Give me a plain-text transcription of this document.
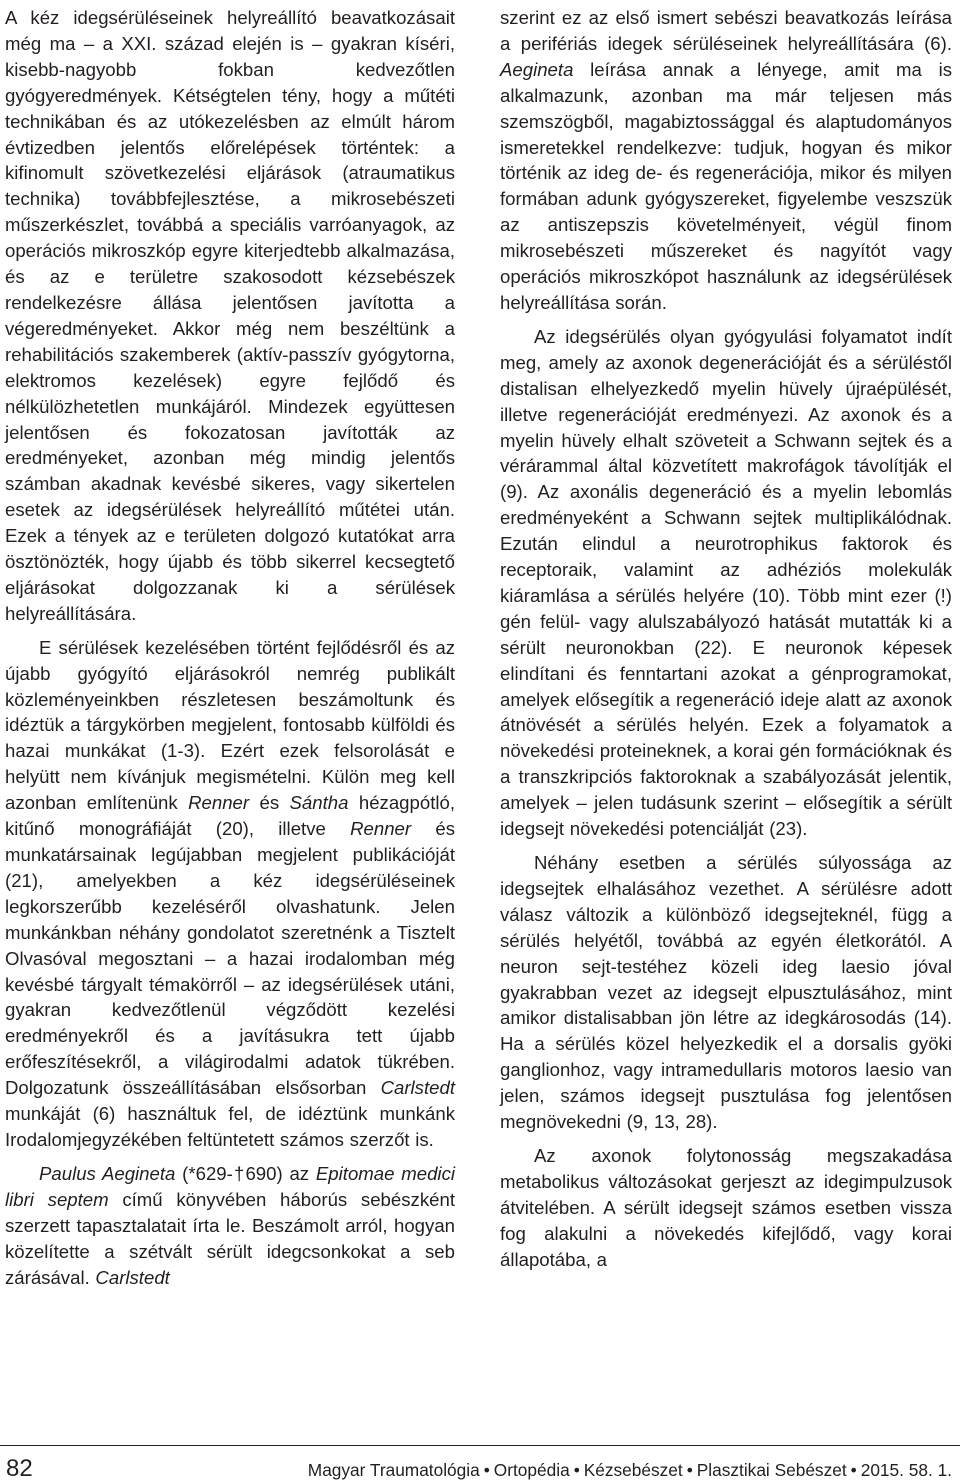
A kéz idegsérüléseinek helyreállító beavatkozásait még ma – a XXI. század elején is – gyakran kíséri, kisebb-nagyobb fokban kedvezőtlen gyógyeredmények. Kétségtelen tény, hogy a műtéti technikában és az utókezelésben az elmúlt három évtizedben jelentős előrelépések történtek: a kifinomult szövetkezelési eljárások (atraumatikus technika) továbbfejlesztése, a mikrosebészeti műszerkészlet, továbbá a speciális varróanyagok, az operációs mikroszkóp egyre kiterjedtebb alkalmazása, és az e területre szakosodott kézsebészek rendelkezésre állása jelentősen javította a végeredményeket. Akkor még nem beszéltünk a rehabilitációs szakemberek (aktív-passzív gyógytorna, elektromos kezelések) egyre fejlődő és nélkülözhetetlen munkájáról. Mindezek együttesen jelentősen és fokozatosan javították az eredményeket, azonban még mindig jelentős számban akadnak kevésbé sikeres, vagy sikertelen esetek az idegsérülések helyreállító műtétei után. Ezek a tények az e területen dolgozó kutatókat arra ösztönözték, hogy újabb és több sikerrel kecsegtető eljárásokat dolgozzanak ki a sérülések helyreállítására.

E sérülések kezelésében történt fejlődésről és az újabb gyógyító eljárásokról nemrég publikált közleményeinkben részletesen beszámoltunk és idéztük a tárgykörben megjelent, fontosabb külföldi és hazai munkákat (1-3). Ezért ezek felsorolását e helyütt nem kívánjuk megismételni. Külön meg kell azonban említenünk Renner és Sántha hézagpótló, kitűnő monográfiáját (20), illetve Renner és munkatársainak legújabban megjelent publikációját (21), amelyekben a kéz idegsérüléseinek legkorszerűbb kezeléséről olvashatunk. Jelen munkánkban néhány gondolatot szeretnénk a Tisztelt Olvasóval megosztani – a hazai irodalomban még kevésbé tárgyalt témakörről – az idegsérülések utáni, gyakran kedvezőtlenül végződött kezelési eredményekről és a javításukra tett újabb erőfeszítésekről, a világirodalmi adatok tükrében. Dolgozatunk összeállításában elsősorban Carlstedt munkáját (6) használtuk fel, de idéztünk munkánk Irodalomjegyzékében feltüntetett számos szerzőt is.

Paulus Aegineta (*629-†690) az Epitomae medici libri septem című könyvében háborús sebészként szerzett tapasztalatait írta le. Beszámolt arról, hogyan közelítette a szétvált sérült idegcsonkokat a seb zárásával. Carlstedt

szerint ez az első ismert sebészi beavatkozás leírása a perifériás idegek sérüléseinek helyreállítására (6). Aegineta leírása annak a lényege, amit ma is alkalmazunk, azonban ma már teljesen más szemszögből, magabiztossággal és alaptudományos ismeretekkel rendelkezve: tudjuk, hogyan és mikor történik az ideg de- és regenerációja, mikor és milyen formában adunk gyógyszereket, figyelembe veszszük az antiszepszis követelményeit, végül finom mikrosebészeti műszereket és nagyítót vagy operációs mikroszkópot használunk az idegsérülések helyreállítása során.

Az idegsérülés olyan gyógyulási folyamatot indít meg, amely az axonok degenerációját és a sérüléstől distalisan elhelyezkedő myelin hüvely újraépülését, illetve regenerációját eredményezi. Az axonok és a myelin hüvely elhalt szöveteit a Schwann sejtek és a vérárammal által közvetített makrofágok távolítják el (9). Az axonális degeneráció és a myelin lebomlás eredményeként a Schwann sejtek multiplikálódnak. Ezután elindul a neurotrophikus faktorok és receptoraik, valamint az adhéziós molekulák kiáramlása a sérülés helyére (10). Több mint ezer (!) gén felül- vagy alulszabályozó hatását mutatták ki a sérült neuronokban (22). E neuronok képesek elindítani és fenntartani azokat a génprogramokat, amelyek elősegítik a regeneráció ideje alatt az axonok átnövését a sérülés helyén. Ezek a folyamatok a növekedési proteineknek, a korai gén formációknak és a transzkripciós faktoroknak a szabályozását jelentik, amelyek – jelen tudásunk szerint – elősegítik a sérült idegsejt növekedési potenciálját (23).

Néhány esetben a sérülés súlyossága az idegsejtek elhalásához vezethet. A sérülésre adott válasz változik a különböző idegsejteknél, függ a sérülés helyétől, továbbá az egyén életkorától. A neuron sejt-testéhez közeli ideg laesio jóval gyakrabban vezet az idegsejt elpusztulásához, mint amikor distalisabban jön létre az idegkárosodás (14). Ha a sérülés közel helyezkedik el a dorsalis gyöki ganglionhoz, vagy intramedullaris motoros laesio van jelen, számos idegsejt pusztulása fog jelentősen megnövekedni (9, 13, 28).

Az axonok folytonosság megszakadása metabolikus változásokat gerjeszt az idegimpulzusok átvitelében. A sérült idegsejt számos esetben vissza fog alakulni a növekedés kifejlődő, vagy korai állapotába, a

82	Magyar Traumatológia • Ortopédia • Kézsebészet • Plasztikai Sebészet • 2015. 58. 1.
